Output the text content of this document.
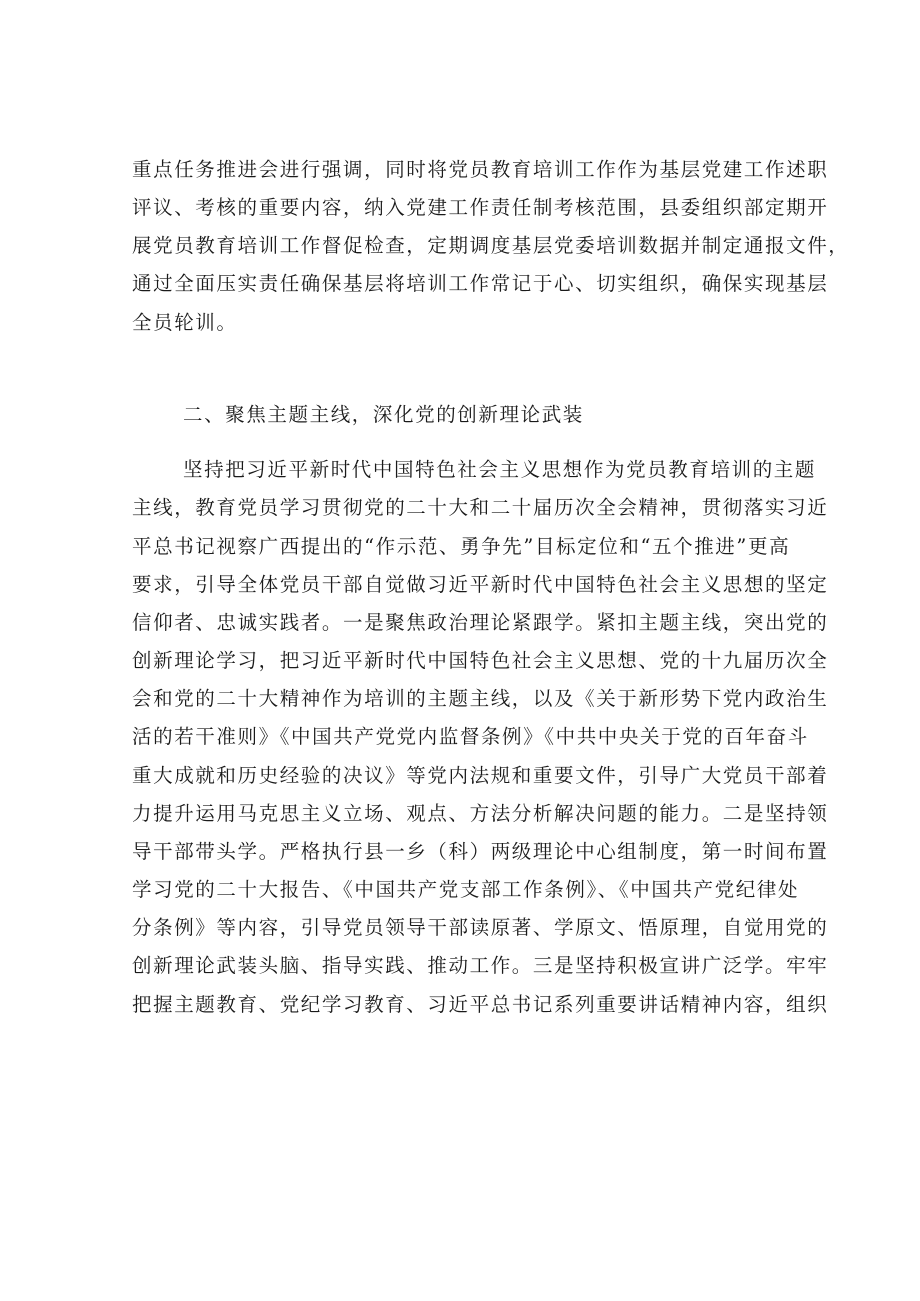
重点任务推进会进行强调，同时将党员教育培训工作作为基层党建工作述职
评议、考核的重要内容，纳入党建工作责任制考核范围，县委组织部定期开
展党员教育培训工作督促检查，定期调度基层党委培训数据并制定通报文件，
通过全面压实责任确保基层将培训工作常记于心、切实组织，确保实现基层
全员轮训。
二、聚焦主题主线，深化党的创新理论武装
坚持把习近平新时代中国特色社会主义思想作为党员教育培训的主题
主线，教育党员学习贯彻党的二十大和二十届历次全会精神，贯彻落实习近
平总书记视察广西提出的“作示范、勇争先”目标定位和“五个推进”更高
要求，引导全体党员干部自觉做习近平新时代中国特色社会主义思想的坚定
信仰者、忠诚实践者。一是聚焦政治理论紧跟学。紧扣主题主线，突出党的
创新理论学习，把习近平新时代中国特色社会主义思想、党的十九届历次全
会和党的二十大精神作为培训的主题主线，以及《关于新形势下党内政治生
活的若干准则》《中国共产党党内监督条例》《中共中央关于党的百年奋斗
重大成就和历史经验的决议》等党内法规和重要文件，引导广大党员干部着
力提升运用马克思主义立场、观点、方法分析解决问题的能力。二是坚持领
导干部带头学。严格执行县一乡（科）两级理论中心组制度，第一时间布置
学习党的二十大报告、《中国共产党支部工作条例》、《中国共产党纪律处
分条例》等内容，引导党员领导干部读原著、学原文、悟原理，自觉用党的
创新理论武装头脑、指导实践、推动工作。三是坚持积极宣讲广泛学。牢牢
把握主题教育、党纪学习教育、习近平总书记系列重要讲话精神内容，组织
